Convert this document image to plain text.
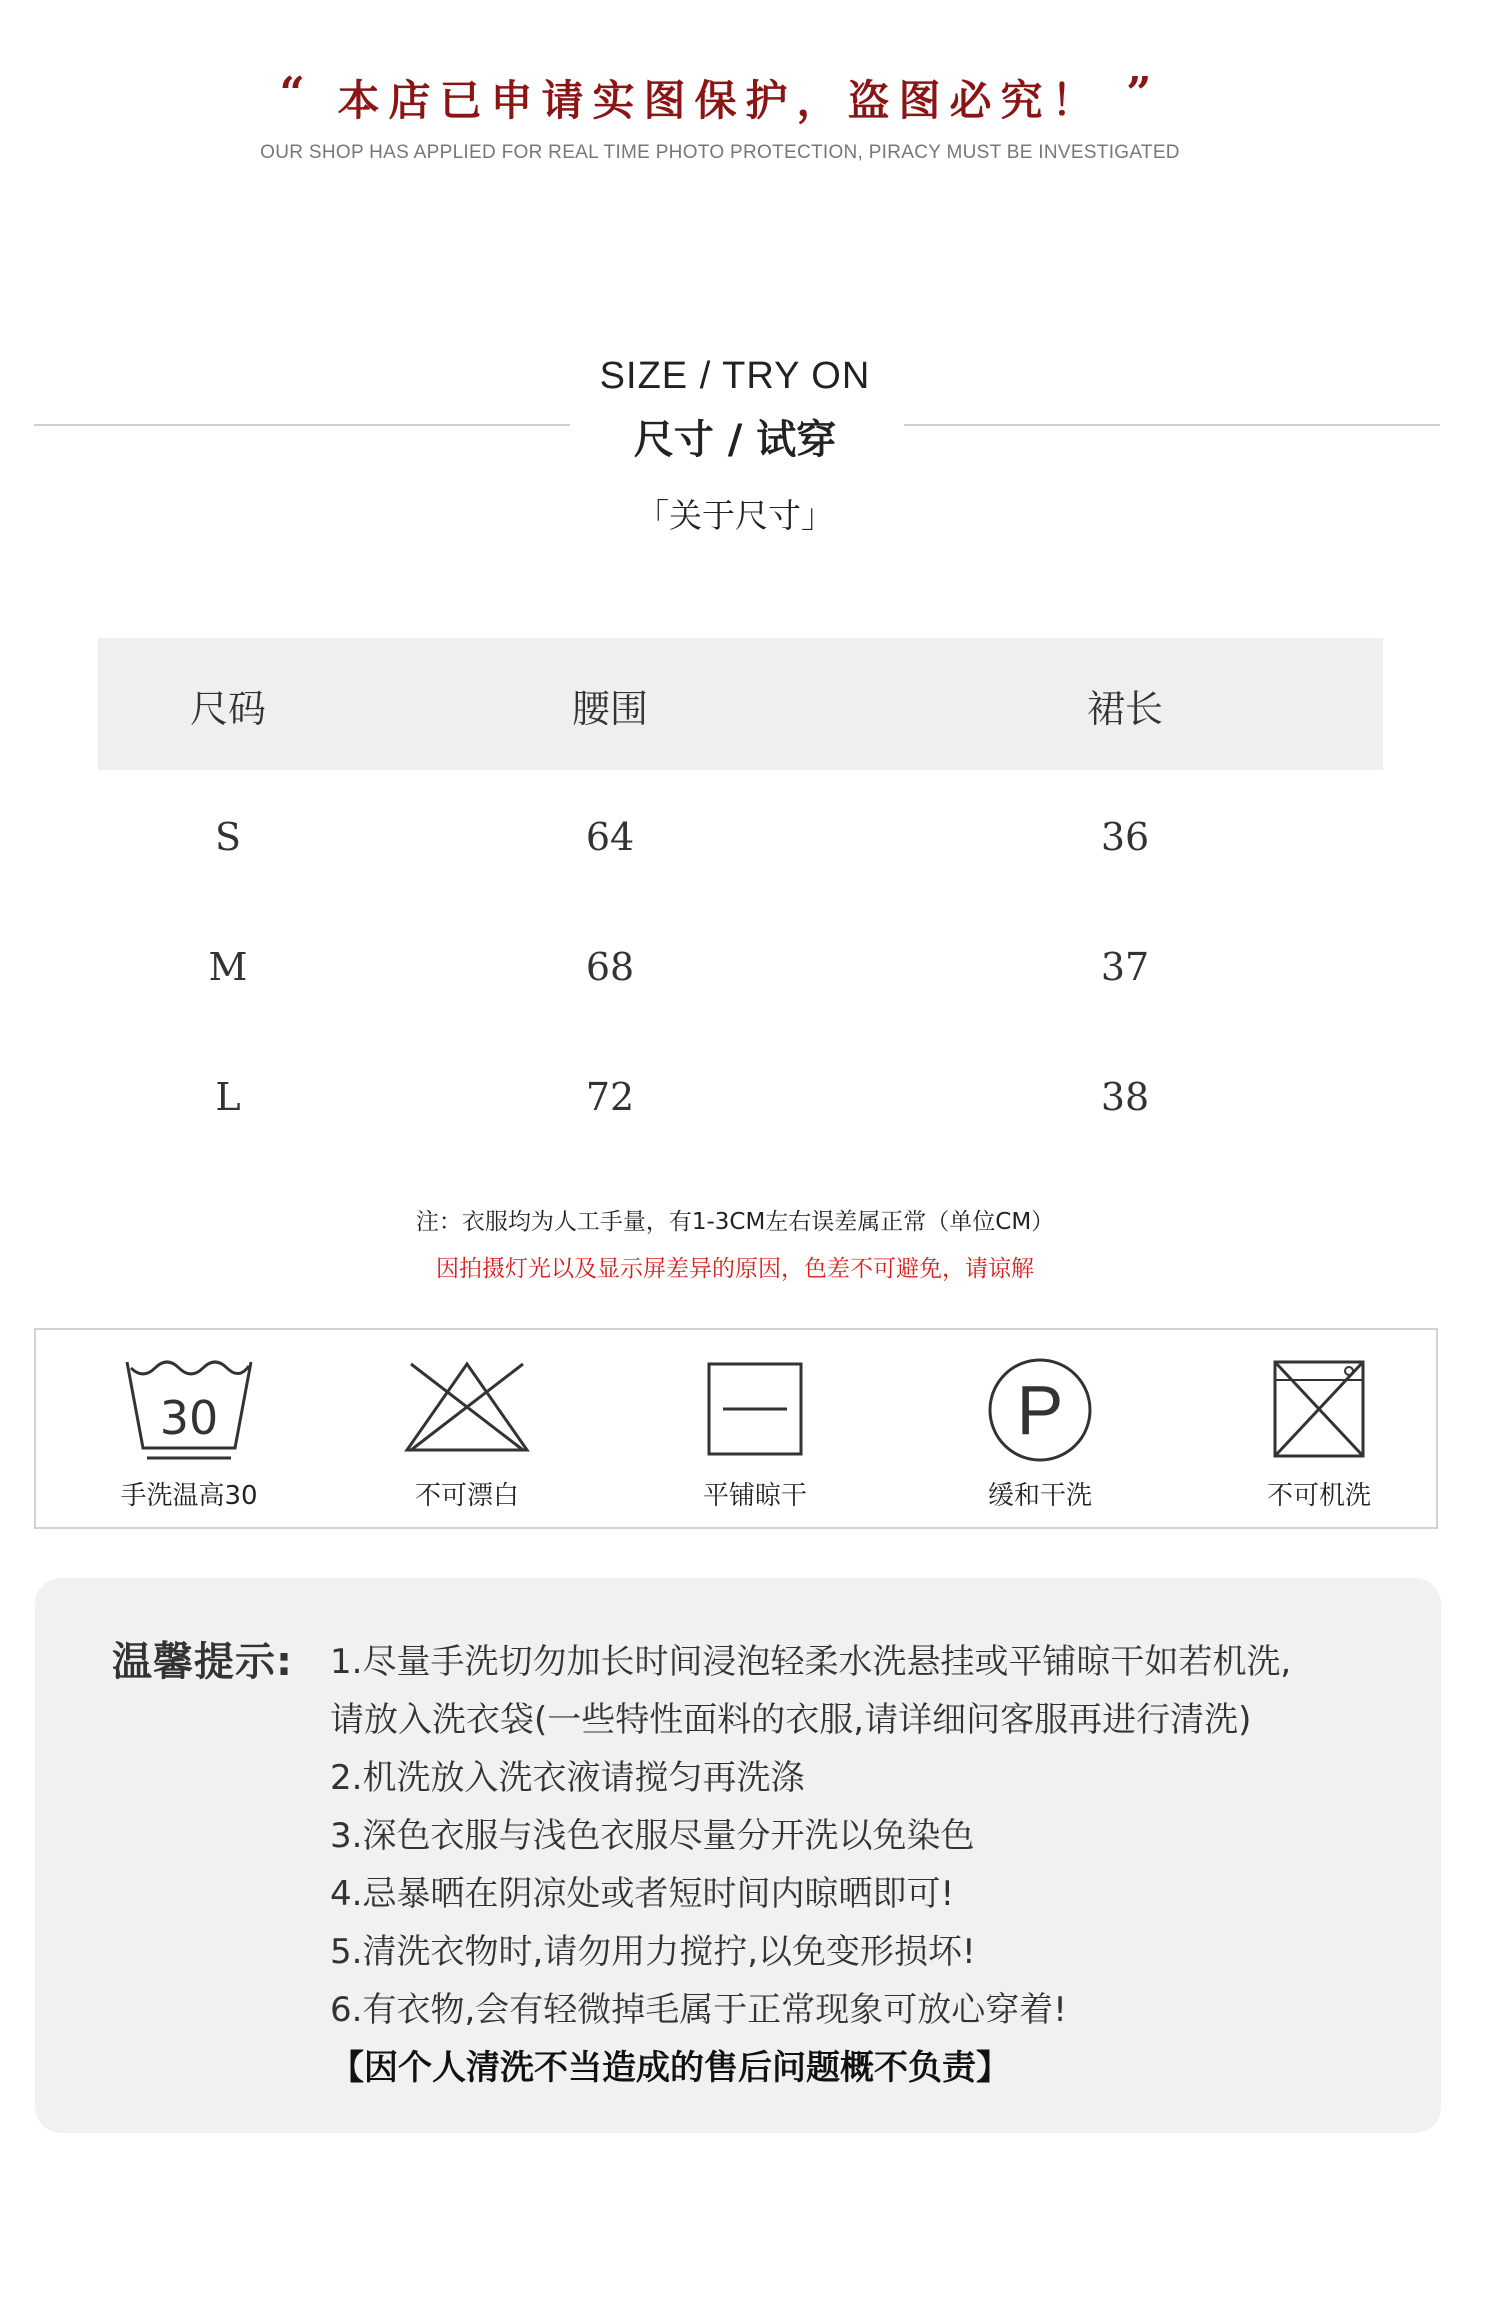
“ 本店已申请实图保护，盗图必究！ ”
OUR SHOP HAS APPLIED FOR REAL TIME PHOTO PROTECTION, PIRACY MUST BE INVESTIGATED
SIZE / TRY ON
尺寸 / 试穿
「关于尺寸」
尺码	腰围	裙长
S	64	36
M	68	37
L	72	38
注：衣服均为人工手量，有1-3CM左右误差属正常（单位CM）
因拍摄灯光以及显示屏差异的原因，色差不可避免，请谅解
30
手洗温高30	不可漂白	平铺晾干
P
缓和干洗	不可机洗
温馨提示: 1.尽量手洗切勿加长时间浸泡轻柔水洗悬挂或平铺晾干如若机洗,
请放入洗衣袋(一些特性面料的衣服,请详细问客服再进行清洗)
2.机洗放入洗衣液请搅匀再洗涤
3.深色衣服与浅色衣服尽量分开洗以免染色
4.忌暴晒在阴凉处或者短时间内晾晒即可!
5.清洗衣物时,请勿用力搅拧,以免变形损坏!
6.有衣物,会有轻微掉毛属于正常现象可放心穿着!
【因个人清洗不当造成的售后问题概不负责】
